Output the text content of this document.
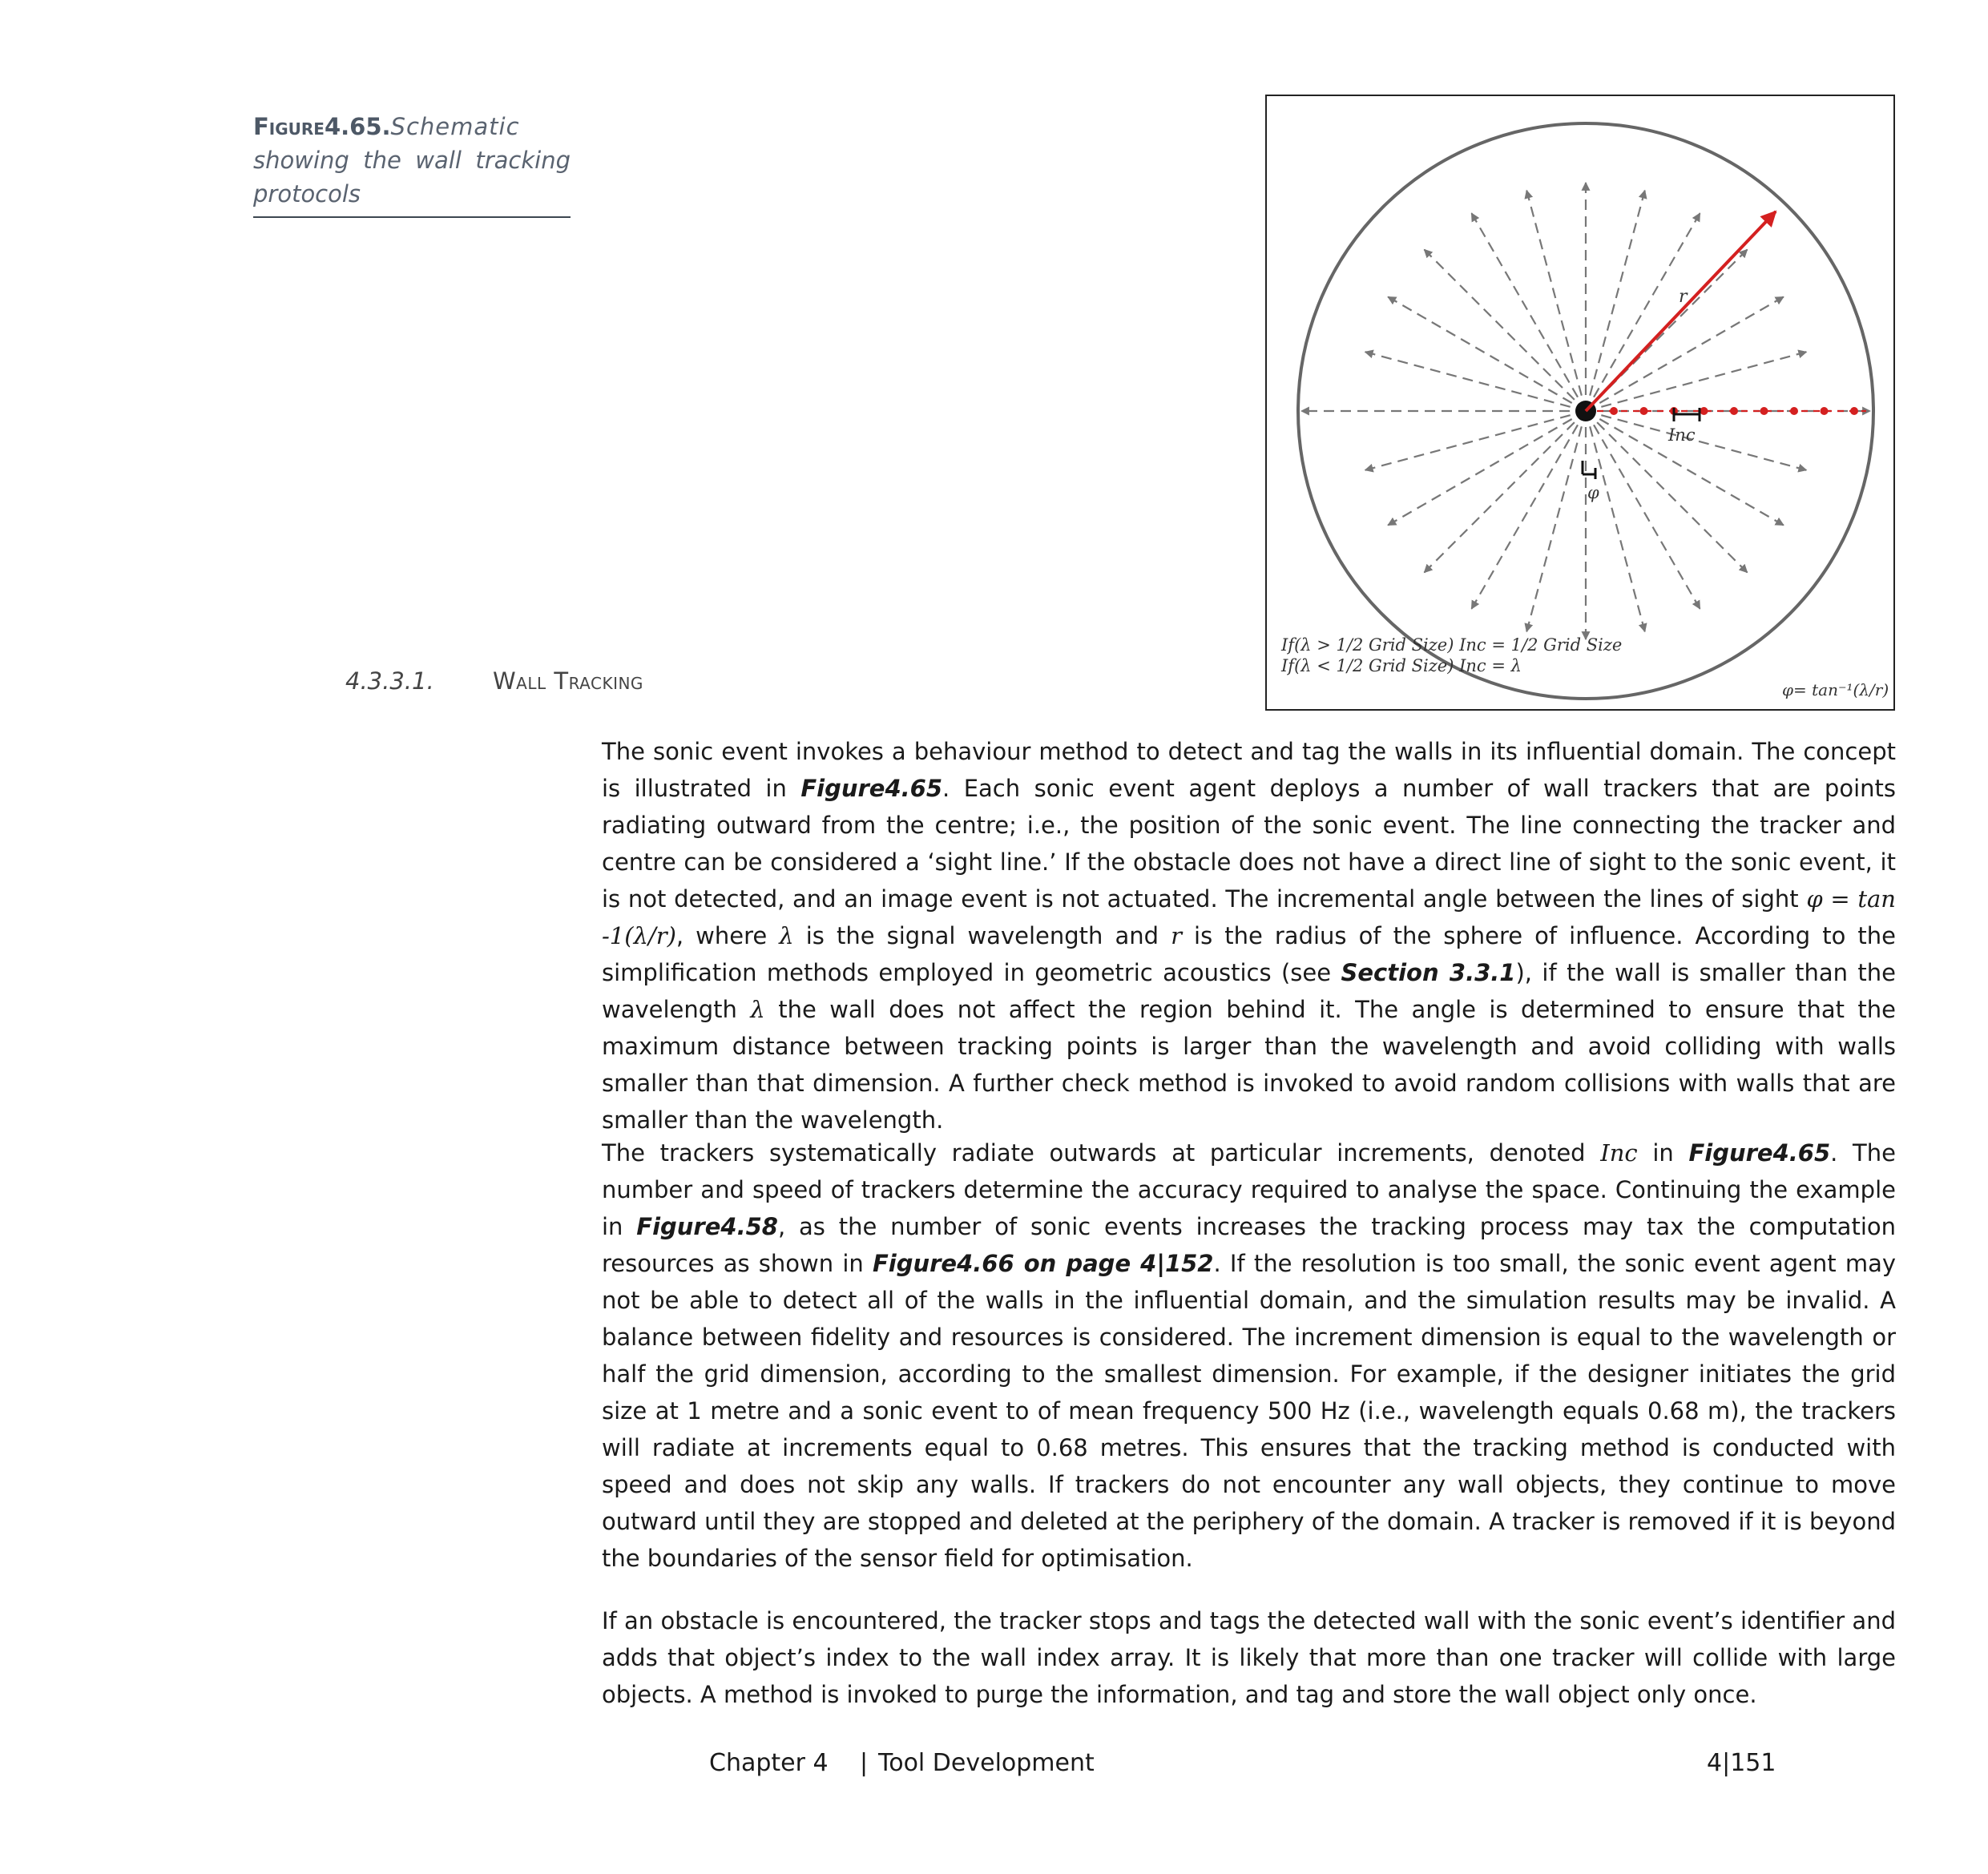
Figure4.65.Schematic
showing the wall tracking protocols
r
Inc
φ
If(λ > 1/2 Grid Size) Inc = 1/2 Grid Size
If(λ < 1/2 Grid Size) Inc = λ
φ= tan⁻¹(λ/r)
4.3.3.1.	Wall Tracking
The sonic event invokes a behaviour method to detect and tag the walls in its influential domain. The concept is illustrated in Figure4.65. Each sonic event agent deploys a number of wall trackers that are points radiating outward from the centre; i.e., the position of the sonic event. The line connecting the tracker and centre can be considered a ‘sight line.’ If the obstacle does not have a direct line of sight to the sonic event, it is not detected, and an image event is not actuated. The incremental angle between the lines of sight φ = tan -1(λ/r), where λ is the signal wavelength and r is the radius of the sphere of influence. According to the simplification methods employed in geometric acoustics (see Section 3.3.1), if the wall is smaller than the wavelength λ the wall does not affect the region behind it. The angle is determined to ensure that the maximum distance between tracking points is larger than the wavelength and avoid colliding with walls smaller than that dimension. A further check method is invoked to avoid random collisions with walls that are smaller than the wavelength.
The trackers systematically radiate outwards at particular increments, denoted Inc in Figure4.65. The number and speed of trackers determine the accuracy required to analyse the space. Continuing the example in Figure4.58, as the number of sonic events increases the tracking process may tax the computation resources as shown in Figure4.66 on page 4|152. If the resolution is too small, the sonic event agent may not be able to detect all of the walls in the influential domain, and the simulation results may be invalid. A balance between fidelity and resources is considered. The increment dimension is equal to the wavelength or half the grid dimension, according to the smallest dimension. For example, if the designer initiates the grid size at 1 metre and a sonic event to of mean frequency 500 Hz (i.e., wavelength equals 0.68 m), the trackers will radiate at increments equal to 0.68 metres. This ensures that the tracking method is conducted with speed and does not skip any walls. If trackers do not encounter any wall objects, they continue to move outward until they are stopped and deleted at the periphery of the domain. A tracker is removed if it is beyond the boundaries of the sensor field for optimisation.
If an obstacle is encountered, the tracker stops and tags the detected wall with the sonic event’s identifier and adds that object’s index to the wall index array. It is likely that more than one tracker will collide with large objects. A method is invoked to purge the information, and tag and store the wall object only once.
Chapter 4 | Tool Development	4|151
